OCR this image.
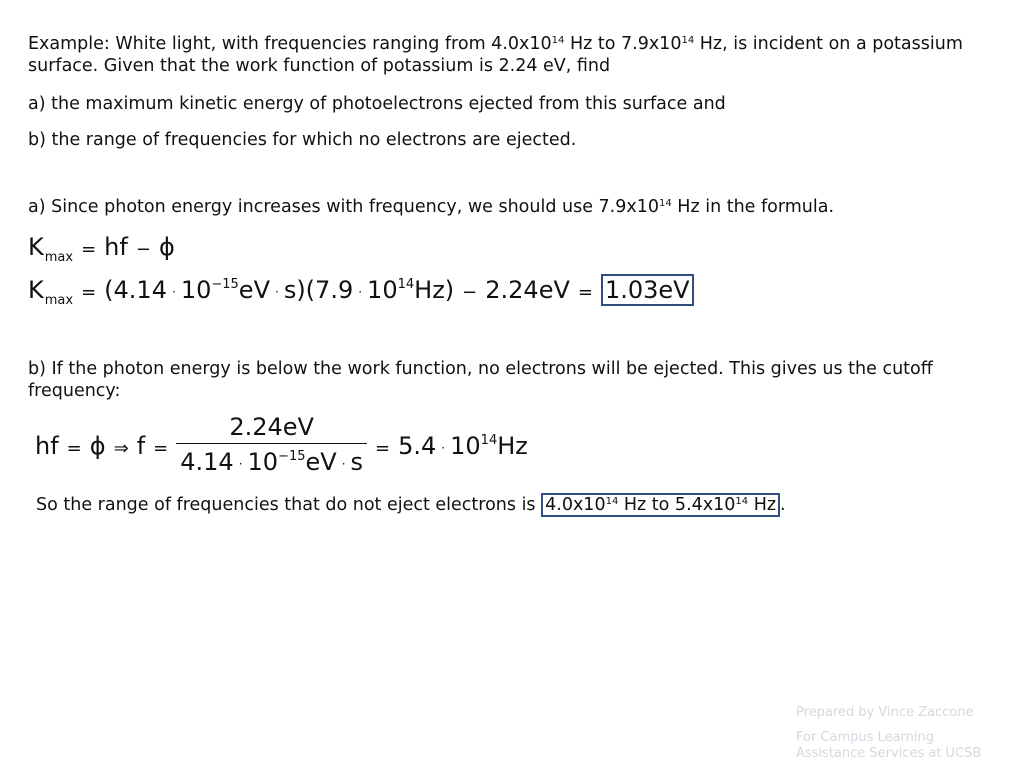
Example: White light, with frequencies ranging from $4.0x10^{14}$ Hz to $7.9x10^{14}$ Hz, is incident on a potassium surface. Given that the work function of potassium is 2.24 eV, find
a) the maximum kinetic energy of photoelectrons ejected from this surface and
b) the range of frequencies for which no electrons are ejected.
a) Since photon energy increases with frequency, we should use $7.9x10^{14}$ Hz in the formula.
$K_{max}$ = hf − ϕ
$K_{max} = (4.14 \cdot 10^{-15}eV \cdot s)(7.9 \cdot 10^{14}Hz) - 2.24eV = 1.03eV$
b) If the photon energy is below the work function, no electrons will be ejected. This gives us the cutoff frequency:
hf = ϕ ⇒ $f = \frac{2.24eV}{4.14 \cdot 10^{-15}eV \cdot s} = 5.4 \cdot 10^{14}Hz$
So the range of frequencies that do not eject electrons is $4.0x10^{14}$ Hz to $5.4x10^{14}$ Hz .
Prepared by Vince Zaccone
For Campus Learning
Assistance Services at UCSB
